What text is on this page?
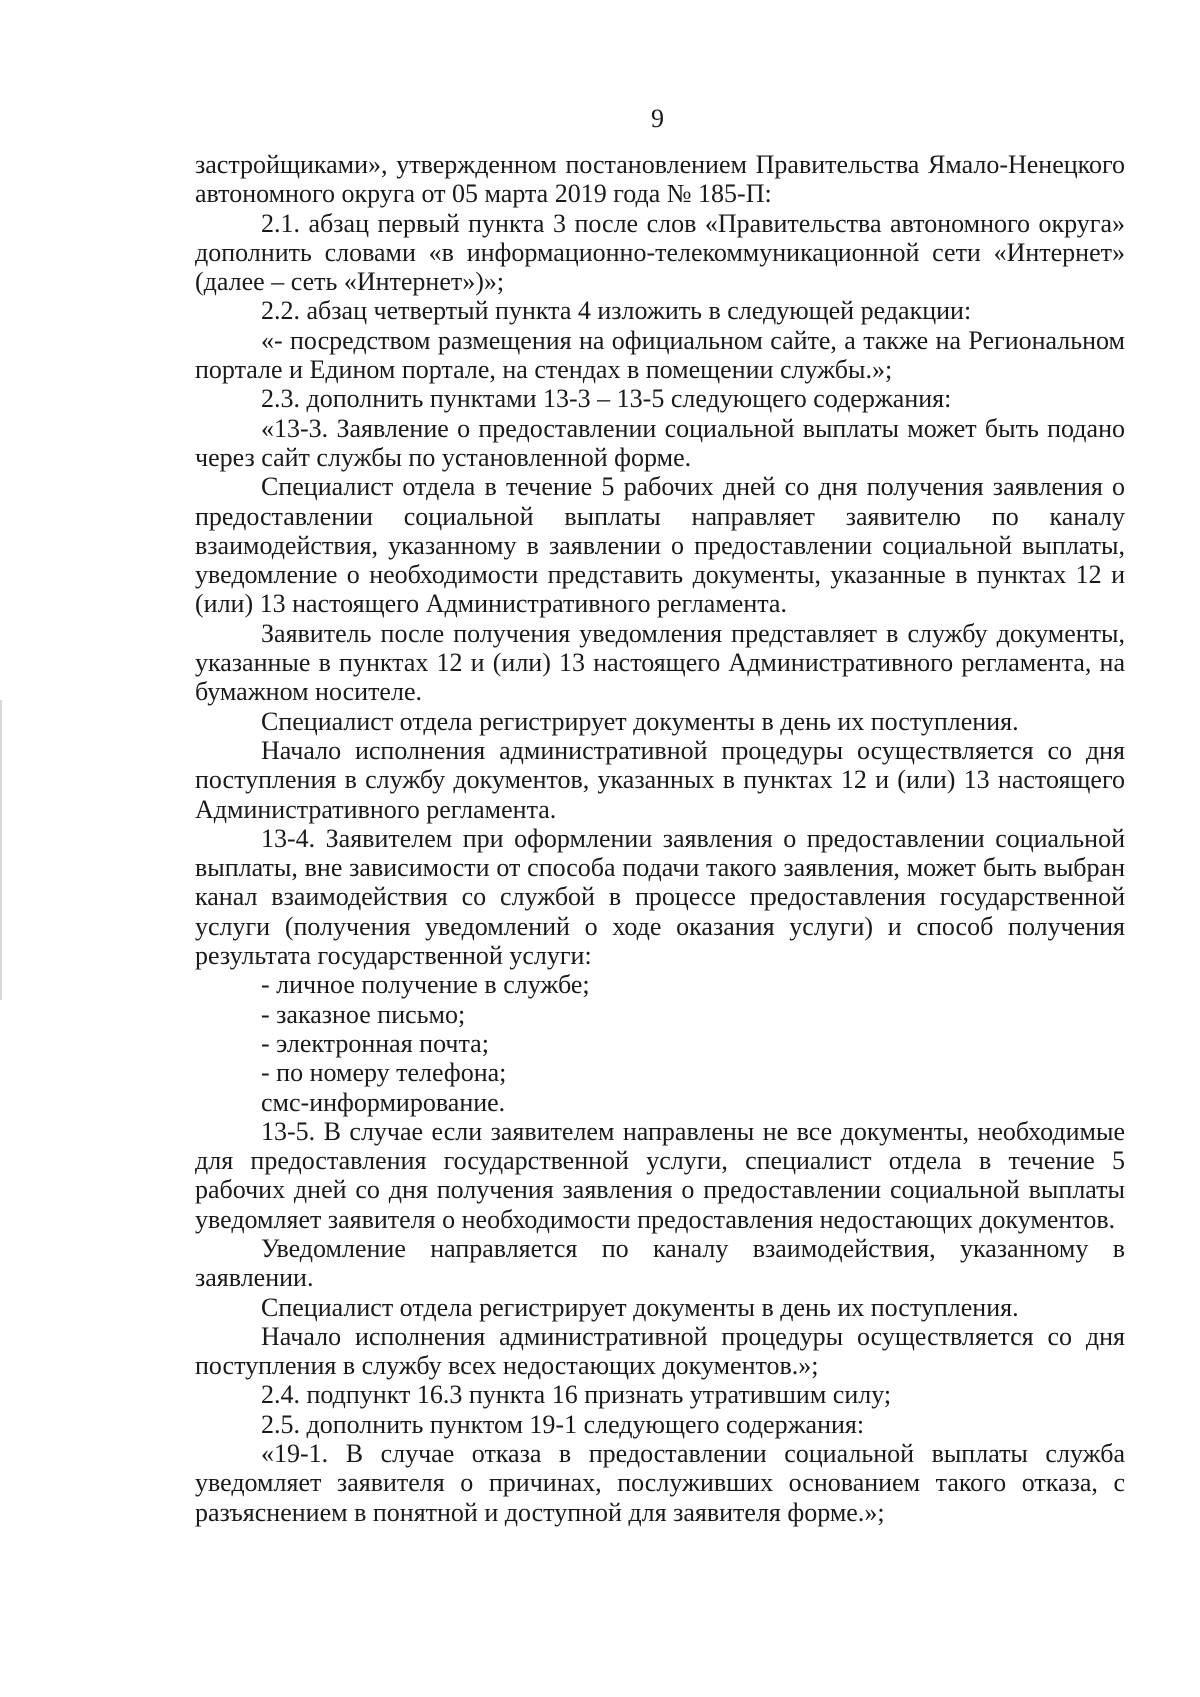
9

застройщиками», утвержденном постановлением Правительства Ямало-Ненецкого автономного округа от 05 марта 2019 года № 185-П:

2.1. абзац первый пункта 3 после слов «Правительства автономного округа» дополнить словами «в информационно-телекоммуникационной сети «Интернет» (далее – сеть «Интернет»)»;

2.2. абзац четвертый пункта 4 изложить в следующей редакции:

«- посредством размещения на официальном сайте, а также на Региональном портале и Едином портале, на стендах в помещении службы.»;

2.3. дополнить пунктами 13-3 – 13-5 следующего содержания:

«13-3. Заявление о предоставлении социальной выплаты может быть подано через сайт службы по установленной форме.

Специалист отдела в течение 5 рабочих дней со дня получения заявления о предоставлении социальной выплаты направляет заявителю по каналу взаимодействия, указанному в заявлении о предоставлении социальной выплаты, уведомление о необходимости представить документы, указанные в пунктах 12 и (или) 13 настоящего Административного регламента.

Заявитель после получения уведомления представляет в службу документы, указанные в пунктах 12 и (или) 13 настоящего Административного регламента, на бумажном носителе.

Специалист отдела регистрирует документы в день их поступления.

Начало исполнения административной процедуры осуществляется со дня поступления в службу документов, указанных в пунктах 12 и (или) 13 настоящего Административного регламента.

13-4. Заявителем при оформлении заявления о предоставлении социальной выплаты, вне зависимости от способа подачи такого заявления, может быть выбран канал взаимодействия со службой в процессе предоставления государственной услуги (получения уведомлений о ходе оказания услуги) и способ получения результата государственной услуги:

- личное получение в службе;

- заказное письмо;

- электронная почта;

- по номеру телефона;

смс-информирование.

13-5. В случае если заявителем направлены не все документы, необходимые для предоставления государственной услуги, специалист отдела в течение 5 рабочих дней со дня получения заявления о предоставлении социальной выплаты уведомляет заявителя о необходимости предоставления недостающих документов.

Уведомление направляется по каналу взаимодействия, указанному в заявлении.

Специалист отдела регистрирует документы в день их поступления.

Начало исполнения административной процедуры осуществляется со дня поступления в службу всех недостающих документов.»;

2.4. подпункт 16.3 пункта 16 признать утратившим силу;

2.5. дополнить пунктом 19-1 следующего содержания:

«19-1. В случае отказа в предоставлении социальной выплаты служба уведомляет заявителя о причинах, послуживших основанием такого отказа, с разъяснением в понятной и доступной для заявителя форме.»;
